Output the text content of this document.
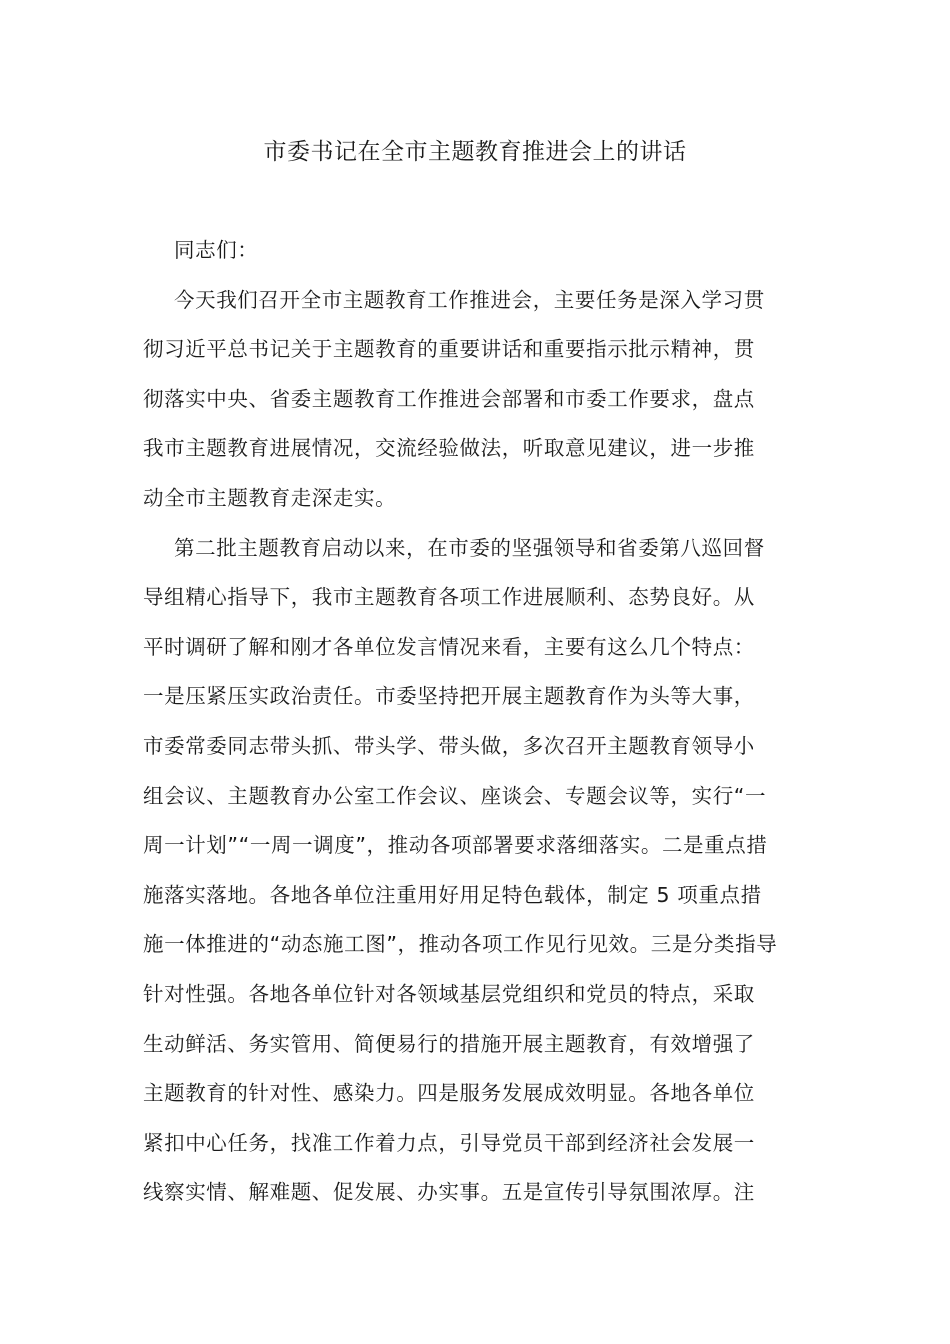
市委书记在全市主题教育推进会上的讲话

同志们：

今天我们召开全市主题教育工作推进会，主要任务是深入学习贯
彻习近平总书记关于主题教育的重要讲话和重要指示批示精神，贯
彻落实中央、省委主题教育工作推进会部署和市委工作要求，盘点
我市主题教育进展情况，交流经验做法，听取意见建议，进一步推
动全市主题教育走深走实。

第二批主题教育启动以来，在市委的坚强领导和省委第八巡回督
导组精心指导下，我市主题教育各项工作进展顺利、态势良好。从
平时调研了解和刚才各单位发言情况来看，主要有这么几个特点：
一是压紧压实政治责任。市委坚持把开展主题教育作为头等大事，
市委常委同志带头抓、带头学、带头做，多次召开主题教育领导小
组会议、主题教育办公室工作会议、座谈会、专题会议等，实行“一
周一计划”“一周一调度”，推动各项部署要求落细落实。二是重点措
施落实落地。各地各单位注重用好用足特色载体，制定 5 项重点措
施一体推进的“动态施工图”，推动各项工作见行见效。三是分类指导
针对性强。各地各单位针对各领域基层党组织和党员的特点，采取
生动鲜活、务实管用、简便易行的措施开展主题教育，有效增强了
主题教育的针对性、感染力。四是服务发展成效明显。各地各单位
紧扣中心任务，找准工作着力点，引导党员干部到经济社会发展一
线察实情、解难题、促发展、办实事。五是宣传引导氛围浓厚。注
